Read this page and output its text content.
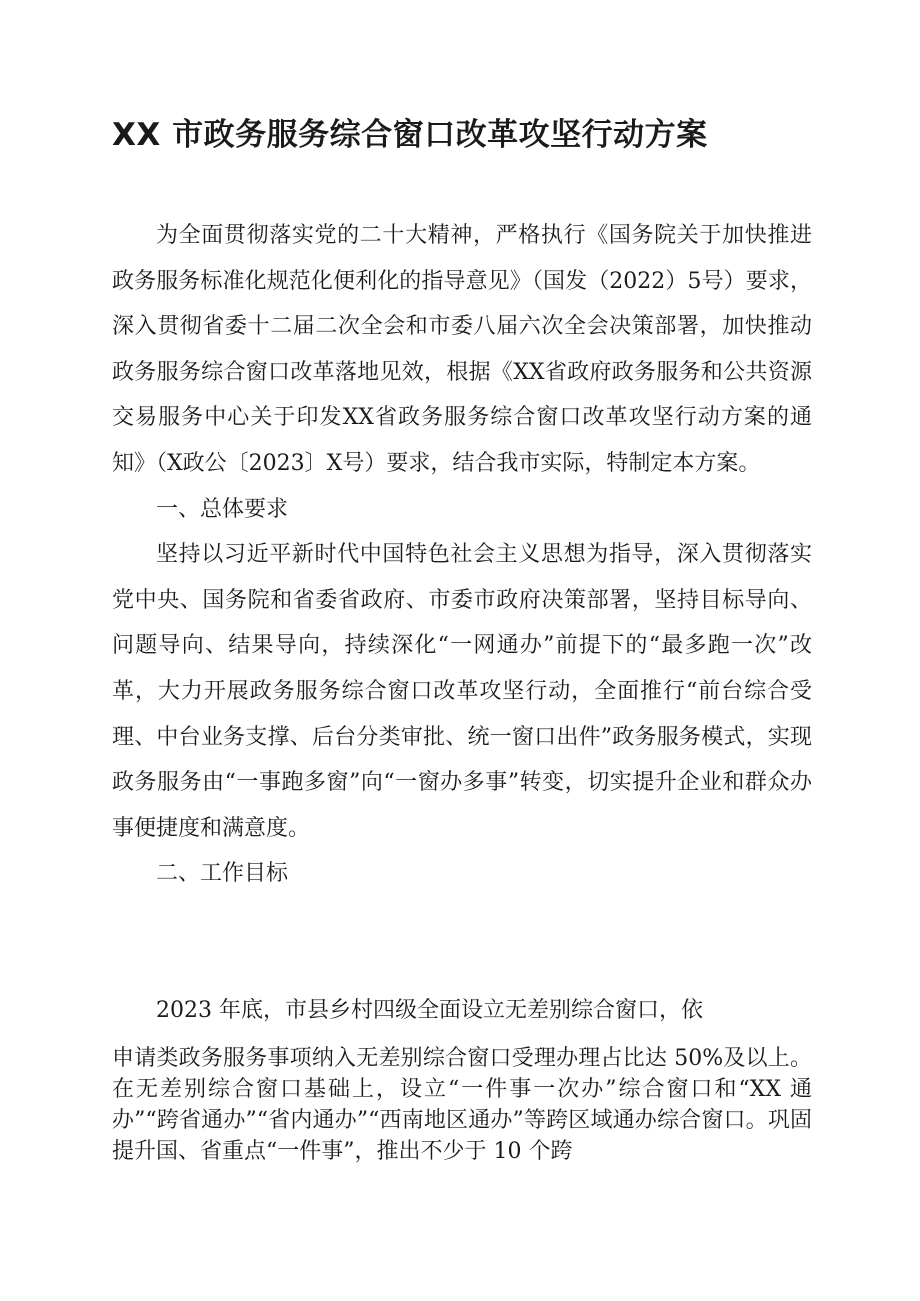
XX 市政务服务综合窗口改革攻坚行动方案

为全面贯彻落实党的二十大精神，严格执行《国务院关于加快推进政务服务标准化规范化便利化的指导意见》（国发（2022）5号）要求，深入贯彻省委十二届二次全会和市委八届六次全会决策部署，加快推动政务服务综合窗口改革落地见效，根据《XX省政府政务服务和公共资源交易服务中心关于印发XX省政务服务综合窗口改革攻坚行动方案的通知》（X政公〔2023〕X号）要求，结合我市实际，特制定本方案。

一、总体要求

坚持以习近平新时代中国特色社会主义思想为指导，深入贯彻落实党中央、国务院和省委省政府、市委市政府决策部署，坚持目标导向、问题导向、结果导向，持续深化“一网通办”前提下的“最多跑一次”改革，大力开展政务服务综合窗口改革攻坚行动，全面推行“前台综合受理、中台业务支撑、后台分类审批、统一窗口出件”政务服务模式，实现政务服务由“一事跑多窗”向“一窗办多事”转变，切实提升企业和群众办事便捷度和满意度。

二、工作目标

2023 年底，市县乡村四级全面设立无差别综合窗口，依

申请类政务服务事项纳入无差别综合窗口受理办理占比达 50%及以上。在无差别综合窗口基础上，设立“一件事一次办”综合窗口和“XX 通办”“跨省通办”“省内通办”“西南地区通办”等跨区域通办综合窗口。巩固提升国、省重点“一件事”，推出不少于 10 个跨
